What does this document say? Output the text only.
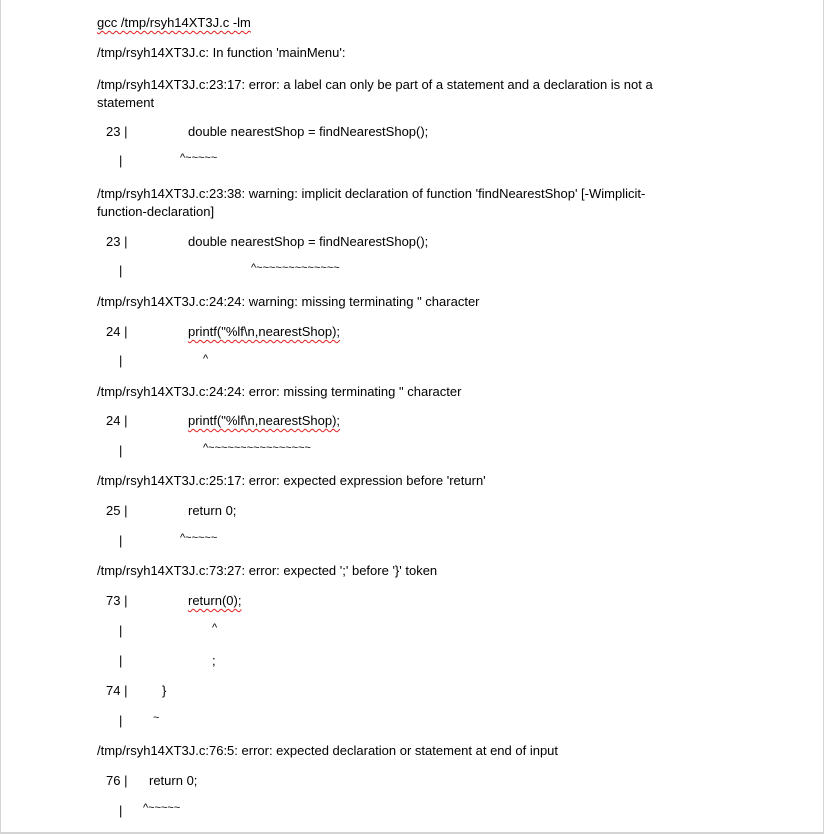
gcc /tmp/rsyh14XT3J.c -lm
/tmp/rsyh14XT3J.c: In function 'mainMenu':
/tmp/rsyh14XT3J.c:23:17: error: a label can only be part of a statement and a declaration is not a statement
23 |	double nearestShop = findNearestShop();
|	^~~~~~
/tmp/rsyh14XT3J.c:23:38: warning: implicit declaration of function 'findNearestShop' [-Wimplicit-function-declaration]
23 |	double nearestShop = findNearestShop();
|	^~~~~~~~~~~~~~
/tmp/rsyh14XT3J.c:24:24: warning: missing terminating " character
24 |	printf("%lf\n,nearestShop);
|	^
/tmp/rsyh14XT3J.c:24:24: error: missing terminating " character
24 |	printf("%lf\n,nearestShop);
|	^~~~~~~~~~~~~~~~~
/tmp/rsyh14XT3J.c:25:17: error: expected expression before 'return'
25 |	return 0;
|	^~~~~~
/tmp/rsyh14XT3J.c:73:27: error: expected ';' before '}' token
73 |	return(0);
|	^
|	;
74 |	}
|	~
/tmp/rsyh14XT3J.c:76:5: error: expected declaration or statement at end of input
76 | return 0;
| ^~~~~~
